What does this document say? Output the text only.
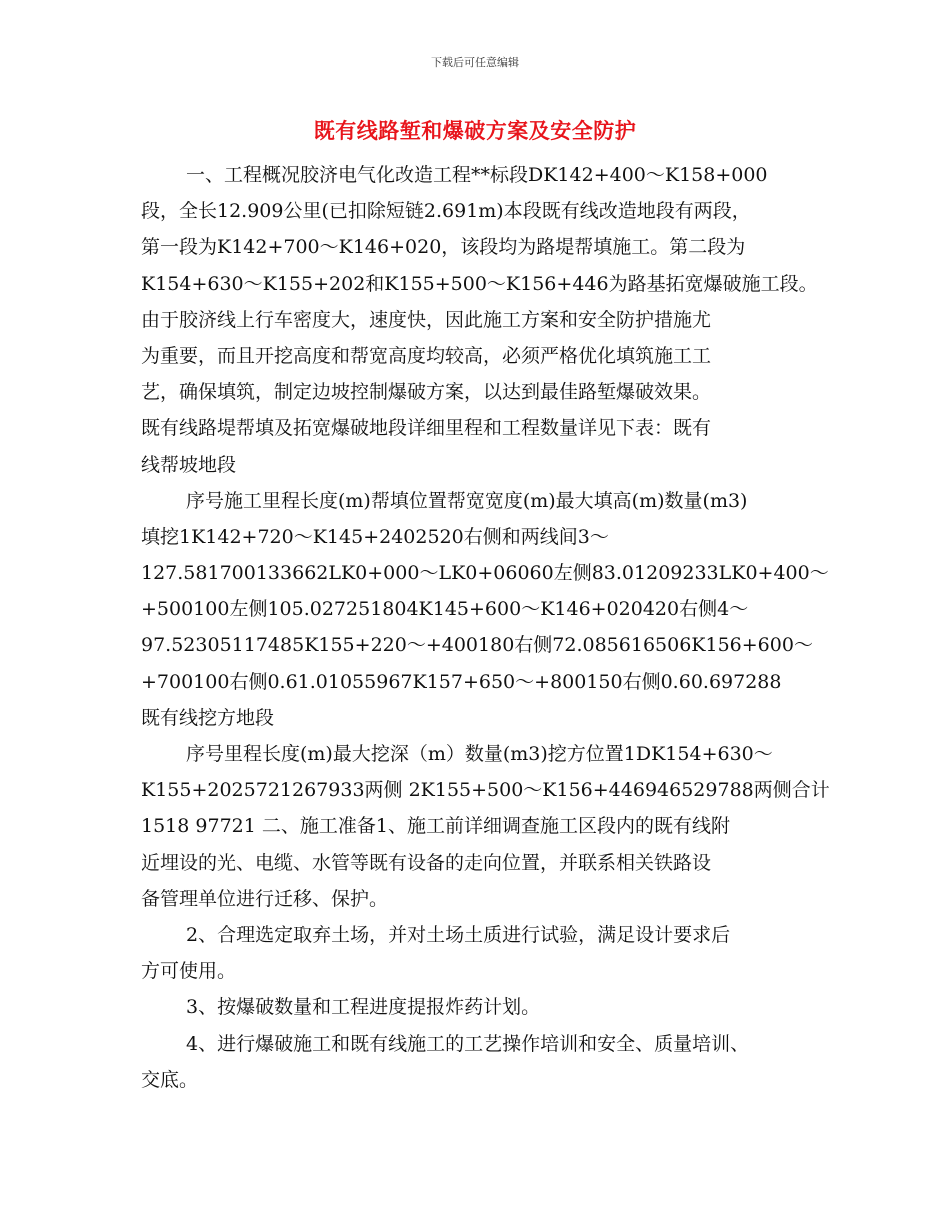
下载后可任意编辑
既有线路堑和爆破方案及安全防护
一、工程概况胶济电气化改造工程**标段DK142+400～K158+000
段，全长12.909公里(已扣除短链2.691m)本段既有线改造地段有两段，
第一段为K142+700～K146+020，该段均为路堤帮填施工。第二段为
K154+630～K155+202和K155+500～K156+446为路基拓宽爆破施工段。
由于胶济线上行车密度大，速度快，因此施工方案和安全防护措施尤
为重要，而且开挖高度和帮宽高度均较高，必须严格优化填筑施工工
艺，确保填筑，制定边坡控制爆破方案，以达到最佳路堑爆破效果。
既有线路堤帮填及拓宽爆破地段详细里程和工程数量详见下表：既有
线帮坡地段
序号施工里程长度(m)帮填位置帮宽宽度(m)最大填高(m)数量(m3)
填挖1K142+720～K145+2402520右侧和两线间3～
127.581700133662LK0+000～LK0+06060左侧83.01209233LK0+400～
+500100左侧105.027251804K145+600～K146+020420右侧4～
97.52305117485K155+220～+400180右侧72.085616506K156+600～
+700100右侧0.61.01055967K157+650～+800150右侧0.60.697288
既有线挖方地段
序号里程长度(m)最大挖深（m）数量(m3)挖方位置1DK154+630～
K155+2025721267933两侧 2K155+500～K156+446946529788两侧合计
1518 97721 二、施工准备1、施工前详细调查施工区段内的既有线附
近埋设的光、电缆、水管等既有设备的走向位置，并联系相关铁路设
备管理单位进行迁移、保护。
2、合理选定取弃土场，并对土场土质进行试验，满足设计要求后
方可使用。
3、按爆破数量和工程进度提报炸药计划。
4、进行爆破施工和既有线施工的工艺操作培训和安全、质量培训、
交底。
